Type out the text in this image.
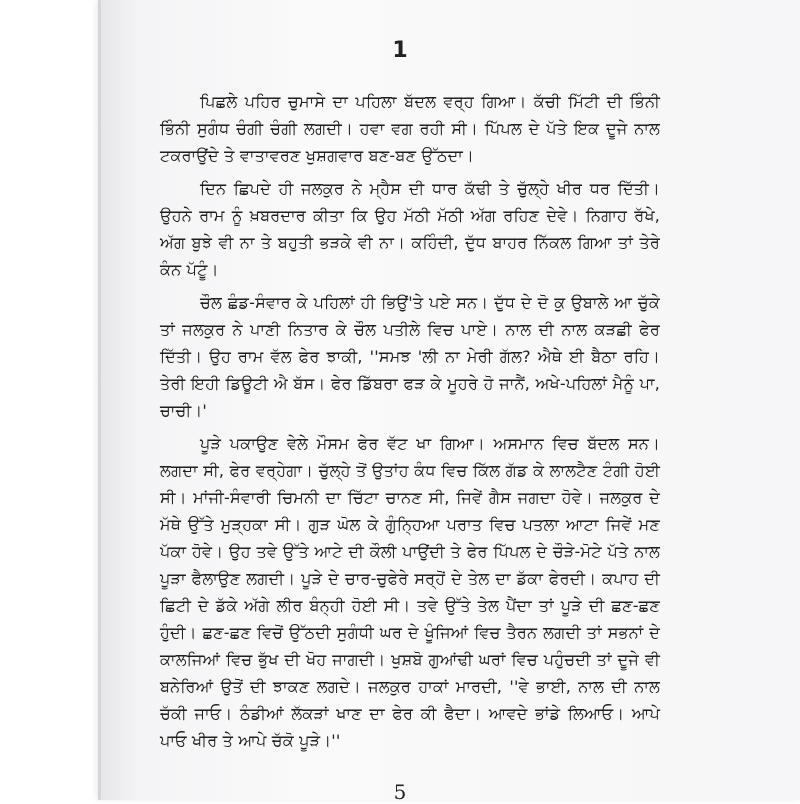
1

ਪਿਛਲੇ ਪਹਿਰ ਚੁਮਾਸੇ ਦਾ ਪਹਿਲਾ ਬੱਦਲ ਵਰ੍ਹ ਗਿਆ। ਕੱਚੀ ਮਿੱਟੀ ਦੀ ਭਿੰਨੀ ਭਿੰਨੀ ਸੁਗੰਧ ਚੰਗੀ ਚੰਗੀ ਲਗਦੀ। ਹਵਾ ਵਗ ਰਹੀ ਸੀ। ਪਿੱਪਲ ਦੇ ਪੱਤੇ ਇਕ ਦੂਜੇ ਨਾਲ ਟਕਰਾਉਂਦੇ ਤੇ ਵਾਤਾਵਰਣ ਖੁਸ਼ਗਵਾਰ ਬਣ-ਬਣ ਉੱਠਦਾ।

ਦਿਨ ਛਿਪਦੇ ਹੀ ਜਲਕੁਰ ਨੇ ਮ੍ਹੈਸ ਦੀ ਧਾਰ ਕੱਢੀ ਤੇ ਚੁੱਲ੍ਹੇ ਖੀਰ ਧਰ ਦਿੱਤੀ। ਉਹਨੇ ਰਾਮ ਨੂੰ ਖ਼ਬਰਦਾਰ ਕੀਤਾ ਕਿ ਉਹ ਮੱਠੀ ਮੱਠੀ ਅੱਗ ਰਹਿਣ ਦੇਵੇ। ਨਿਗਾਹ ਰੱਖੇ, ਅੱਗ ਬੁਝੇ ਵੀ ਨਾ ਤੇ ਬਹੁਤੀ ਭੜਕੇ ਵੀ ਨਾ। ਕਹਿੰਦੀ, ਦੁੱਧ ਬਾਹਰ ਨਿੱਕਲ ਗਿਆ ਤਾਂ ਤੇਰੇ ਕੰਨ ਪੱਟੂੰ।

ਚੌਲ ਛੰਡ-ਸੰਵਾਰ ਕੇ ਪਹਿਲਾਂ ਹੀ ਭਿਉਂ'ਤੇ ਪਏ ਸਨ। ਦੁੱਧ ਦੇ ਦੋ ਕੁ ਉਬਾਲੇ ਆ ਚੁੱਕੇ ਤਾਂ ਜਲਕੁਰ ਨੇ ਪਾਣੀ ਨਿਤਾਰ ਕੇ ਚੌਲ ਪਤੀਲੇ ਵਿਚ ਪਾਏ। ਨਾਲ ਦੀ ਨਾਲ ਕੜਛੀ ਫੇਰ ਦਿੱਤੀ। ਉਹ ਰਾਮ ਵੱਲ ਫੇਰ ਝਾਕੀ, ''ਸਮਝ 'ਲੀ ਨਾ ਮੇਰੀ ਗੱਲ? ਐਥੇ ਈ ਬੈਠਾ ਰਹਿ। ਤੇਰੀ ਇਹੀ ਡਿਊਟੀ ਐ ਬੱਸ। ਫੇਰ ਡਿੱਬਰਾ ਫੜ ਕੇ ਮੂਹਰੇ ਹੋ ਜਾਨੈਂ, ਅਖੇ-ਪਹਿਲਾਂ ਮੈਨੂੰ ਪਾ, ਚਾਚੀ।'

ਪੂੜੇ ਪਕਾਉਣ ਵੇਲੇ ਮੌਸਮ ਫੇਰ ਵੱਟ ਖਾ ਗਿਆ। ਅਸਮਾਨ ਵਿਚ ਬੱਦਲ ਸਨ। ਲਗਦਾ ਸੀ, ਫੇਰ ਵਰ੍ਹੇਗਾ। ਚੁੱਲ੍ਹੇ ਤੋਂ ਉਤਾਂਹ ਕੰਧ ਵਿਚ ਕਿੱਲ ਗੱਡ ਕੇ ਲਾਲਟੈਣ ਟੰਗੀ ਹੋਈ ਸੀ। ਮਾਂਜੀ-ਸੰਵਾਰੀ ਚਿਮਨੀ ਦਾ ਚਿੱਟਾ ਚਾਨਣ ਸੀ, ਜਿਵੇਂ ਗੈਸ ਜਗਦਾ ਹੋਵੇ। ਜਲਕੁਰ ਦੇ ਮੱਥੇ ਉੱਤੇ ਮੁੜ੍ਹਕਾ ਸੀ। ਗੁੜ ਘੋਲ ਕੇ ਗੁੰਨ੍ਹਿਆ ਪਰਾਤ ਵਿਚ ਪਤਲਾ ਆਟਾ ਜਿਵੇਂ ਮਣ ਪੱਕਾ ਹੋਵੇ। ਉਹ ਤਵੇ ਉੱਤੇ ਆਟੇ ਦੀ ਕੌਲੀ ਪਾਉਂਦੀ ਤੇ ਫੇਰ ਪਿੱਪਲ ਦੇ ਚੌੜੇ-ਮੋਟੇ ਪੱਤੇ ਨਾਲ ਪੂੜਾ ਫੈਲਾਉਣ ਲਗਦੀ। ਪੂੜੇ ਦੇ ਚਾਰ-ਚੁਫੇਰੇ ਸਰ੍ਹੋਂ ਦੇ ਤੇਲ ਦਾ ਡੱਕਾ ਫੇਰਦੀ। ਕਪਾਹ ਦੀ ਛਿਟੀ ਦੇ ਡੱਕੇ ਅੱਗੇ ਲੀਰ ਬੰਨ੍ਹੀ ਹੋਈ ਸੀ। ਤਵੇ ਉੱਤੇ ਤੇਲ ਪੈਂਦਾ ਤਾਂ ਪੂੜੇ ਦੀ ਛਣ-ਛਣ ਹੁੰਦੀ। ਛਣ-ਛਣ ਵਿਚੋਂ ਉੱਠਦੀ ਸੁਗੰਧੀ ਘਰ ਦੇ ਖੂੰਜਿਆਂ ਵਿਚ ਤੈਰਨ ਲਗਦੀ ਤਾਂ ਸਭਨਾਂ ਦੇ ਕਾਲਜਿਆਂ ਵਿਚ ਭੁੱਖ ਦੀ ਖੋਹ ਜਾਗਦੀ। ਖੁਸ਼ਬੋ ਗੁਆਂਢੀ ਘਰਾਂ ਵਿਚ ਪਹੁੰਚਦੀ ਤਾਂ ਦੂਜੇ ਵੀ ਬਨੇਰਿਆਂ ਉਤੋਂ ਦੀ ਝਾਕਣ ਲਗਦੇ। ਜਲਕੁਰ ਹਾਕਾਂ ਮਾਰਦੀ, ''ਵੇ ਭਾਈ, ਨਾਲ ਦੀ ਨਾਲ ਚੱਕੀ ਜਾਓ। ਠੰਡੀਆਂ ਲੱਕੜਾਂ ਖਾਣ ਦਾ ਫੇਰ ਕੀ ਫੈਦਾ। ਆਵਦੇ ਭਾਂਡੇ ਲਿਆਓ। ਆਪੇ ਪਾਓ ਖੀਰ ਤੇ ਆਪੇ ਚੱਕੋ ਪੂੜੇ।''

5
